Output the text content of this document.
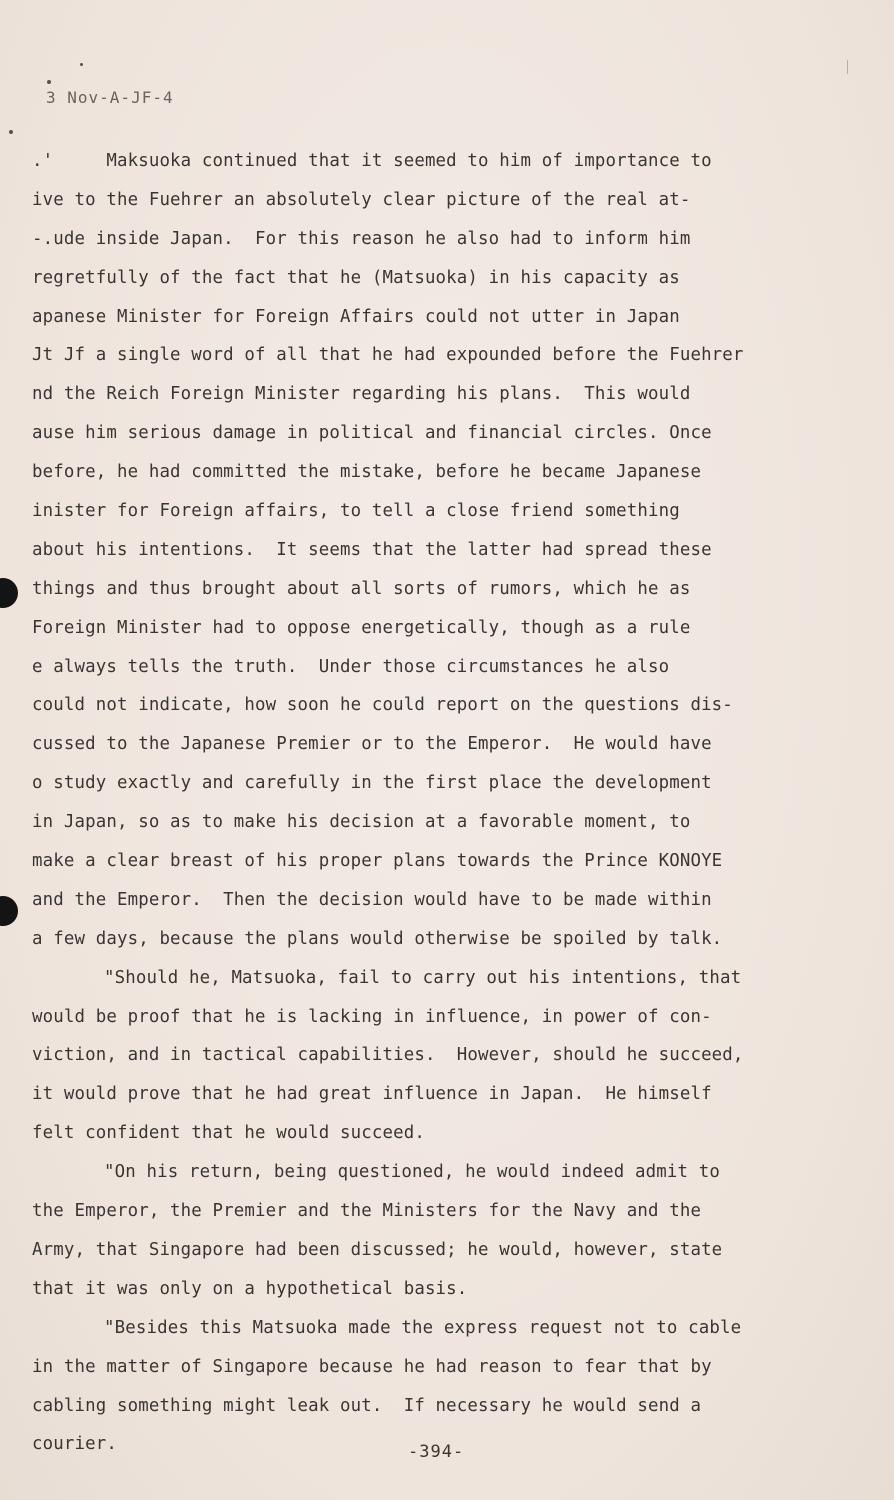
3 Nov-A-JF-4
.'     Maksuoka continued that it seemed to him of importance to
ive to the Fuehrer an absolutely clear picture of the real at-
-.ude inside Japan.  For this reason he also had to inform him
regretfully of the fact that he (Matsuoka) in his capacity as
apanese Minister for Foreign Affairs could not utter in Japan
Jt Jf a single word of all that he had expounded before the Fuehrer
nd the Reich Foreign Minister regarding his plans.  This would
ause him serious damage in political and financial circles. Once
before, he had committed the mistake, before he became Japanese
inister for Foreign affairs, to tell a close friend something
about his intentions.  It seems that the latter had spread these
things and thus brought about all sorts of rumors, which he as
Foreign Minister had to oppose energetically, though as a rule
e always tells the truth.  Under those circumstances he also
could not indicate, how soon he could report on the questions dis-
cussed to the Japanese Premier or to the Emperor.  He would have
o study exactly and carefully in the first place the development
in Japan, so as to make his decision at a favorable moment, to
make a clear breast of his proper plans towards the Prince KONOYE
and the Emperor.  Then the decision would have to be made within
a few days, because the plans would otherwise be spoiled by talk.
"Should he, Matsuoka, fail to carry out his intentions, that
would be proof that he is lacking in influence, in power of con-
viction, and in tactical capabilities.  However, should he succeed,
it would prove that he had great influence in Japan.  He himself
felt confident that he would succeed.
"On his return, being questioned, he would indeed admit to
the Emperor, the Premier and the Ministers for the Navy and the
Army, that Singapore had been discussed; he would, however, state
that it was only on a hypothetical basis.
"Besides this Matsuoka made the express request not to cable
in the matter of Singapore because he had reason to fear that by
cabling something might leak out.  If necessary he would send a
courier.	-394-
